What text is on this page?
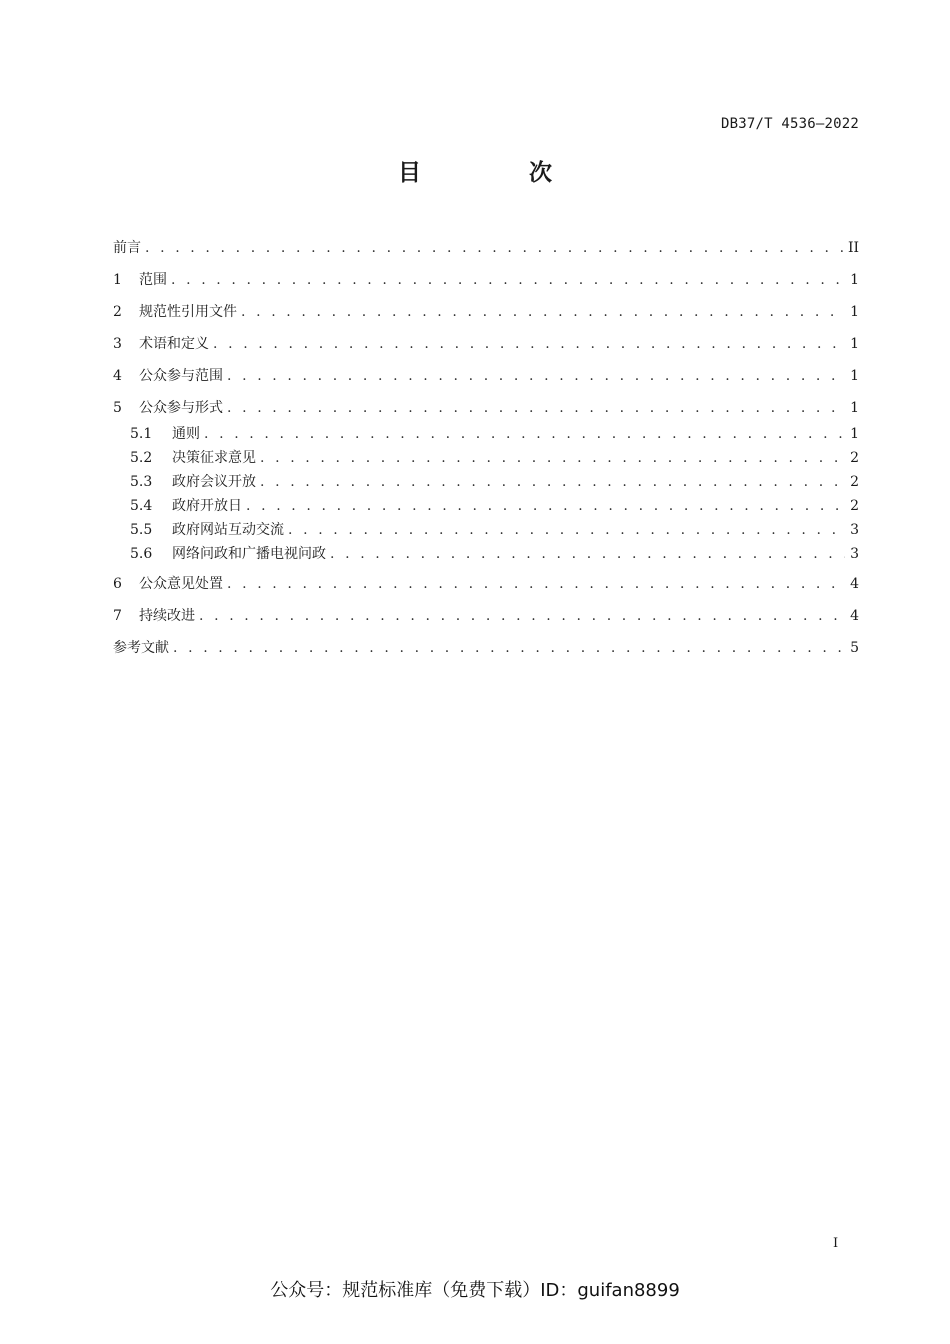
DB37/T 4536—2022
目 次
前言 . . .	II
1	范围 . . .	1
2	规范性引用文件 . . .	1
3	术语和定义 . . .	1
4	公众参与范围 . . .	1
5	公众参与形式 . . .	1
5.1	通则 . . .	1
5.2	决策征求意见 . . .	2
5.3	政府会议开放 . . .	2
5.4	政府开放日 . . .	2
5.5	政府网站互动交流 . . .	3
5.6	网络问政和广播电视问政 . . .	3
6	公众意见处置 . . .	4
7	持续改进 . . .	4
参考文献 . . .	5
I
公众号：规范标准库（免费下载）ID：guifan8899
